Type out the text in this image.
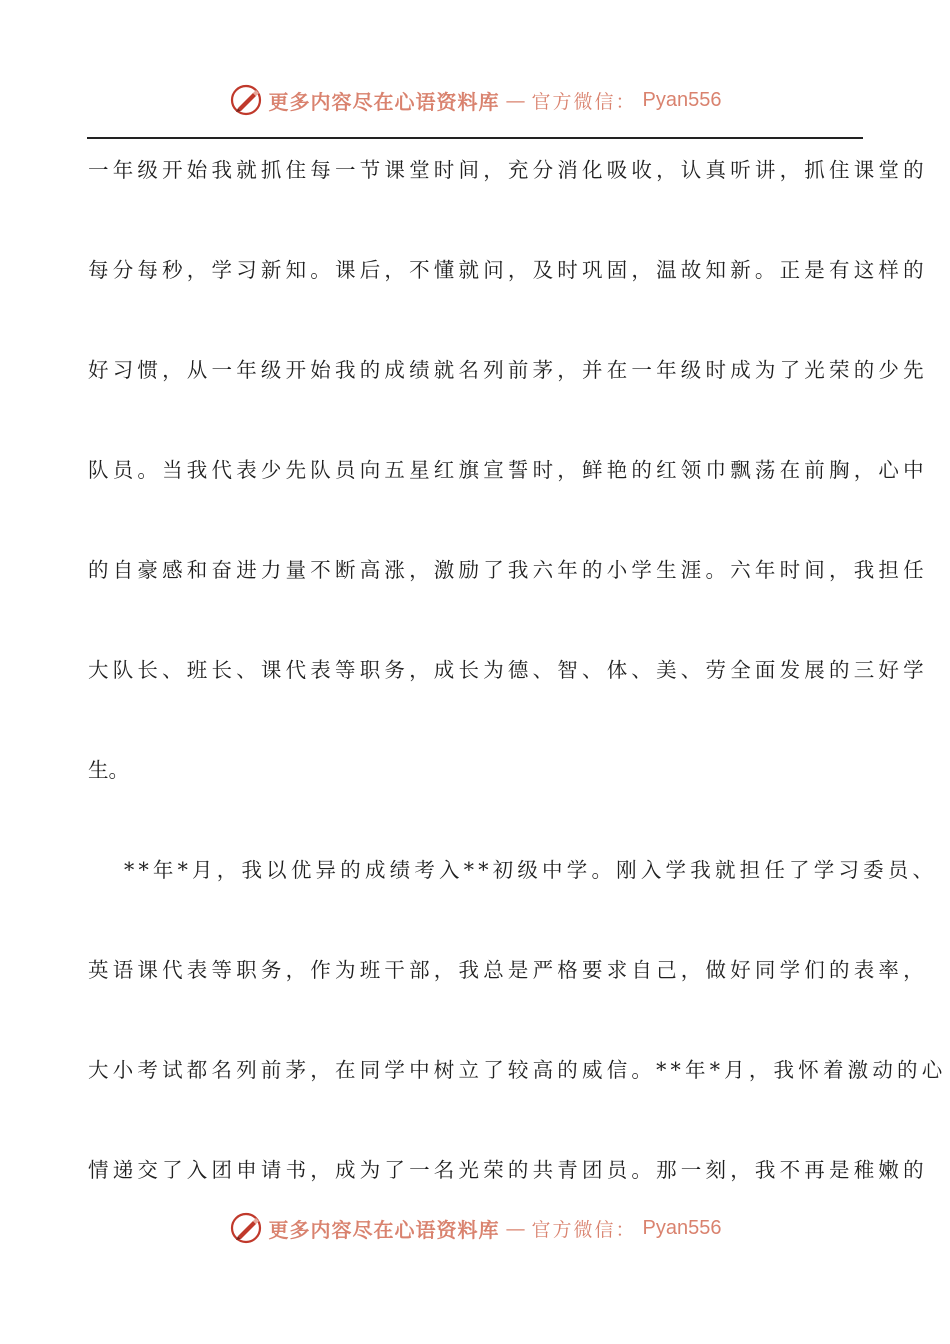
更多内容尽在心语资料库 — 官方微信： Pyan556
一年级开始我就抓住每一节课堂时间，充分消化吸收，认真听讲，抓住课堂的
每分每秒，学习新知。课后，不懂就问，及时巩固，温故知新。正是有这样的
好习惯，从一年级开始我的成绩就名列前茅，并在一年级时成为了光荣的少先
队员。当我代表少先队员向五星红旗宣誓时，鲜艳的红领巾飘荡在前胸，心中
的自豪感和奋进力量不断高涨，激励了我六年的小学生涯。六年时间，我担任
大队长、班长、课代表等职务，成长为德、智、体、美、劳全面发展的三好学
生。
**年*月，我以优异的成绩考入**初级中学。刚入学我就担任了学习委员、
英语课代表等职务，作为班干部，我总是严格要求自己，做好同学们的表率，
大小考试都名列前茅，在同学中树立了较高的威信。**年*月，我怀着激动的心
情递交了入团申请书，成为了一名光荣的共青团员。那一刻，我不再是稚嫩的
更多内容尽在心语资料库 — 官方微信： Pyan556
